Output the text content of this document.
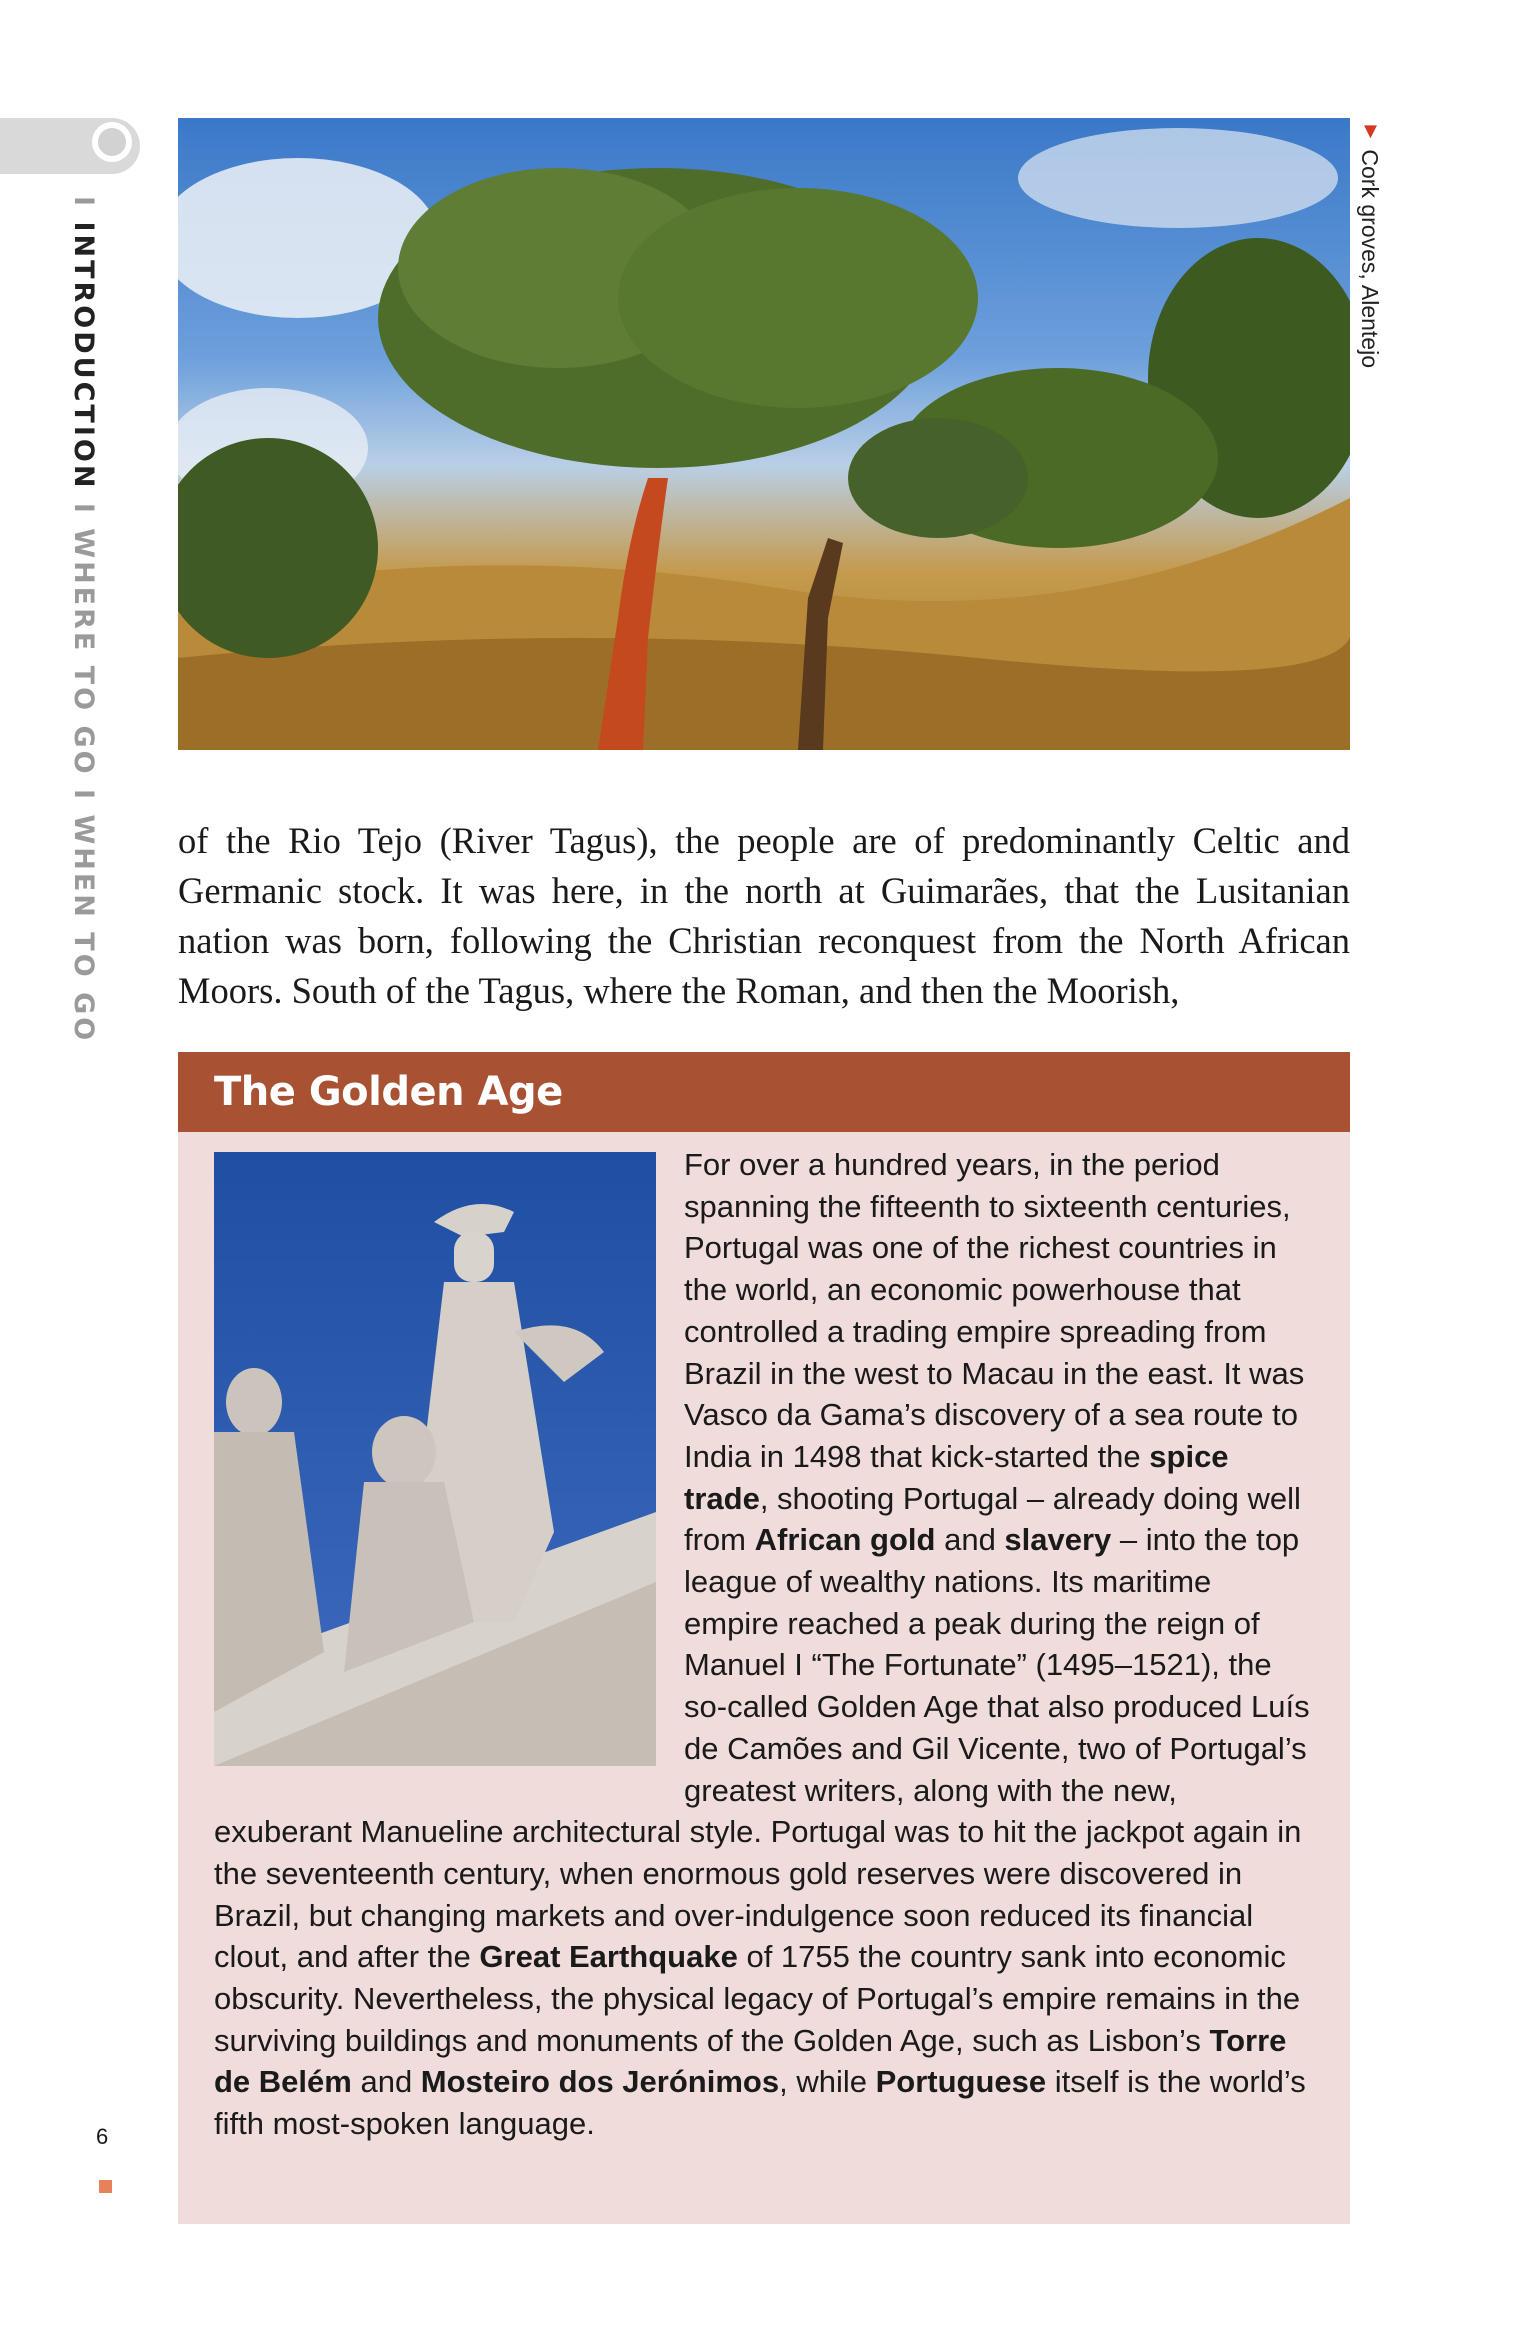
I INTRODUCTION I WHERE TO GO I WHEN TO GO
▼ Cork groves, Alentejo

of the Rio Tejo (River Tagus), the people are of predominantly Celtic and Germanic stock. It was here, in the north at Guimarães, that the Lusitanian nation was born, following the Christian reconquest from the North African Moors. South of the Tagus, where the Roman, and then the Moorish,

The Golden Age
For over a hundred years, in the period spanning the fifteenth to sixteenth centuries, Portugal was one of the richest countries in the world, an economic powerhouse that controlled a trading empire spreading from Brazil in the west to Macau in the east. It was Vasco da Gama’s discovery of a sea route to India in 1498 that kick-started the spice trade, shooting Portugal – already doing well from African gold and slavery – into the top league of wealthy nations. Its maritime empire reached a peak during the reign of Manuel I “The Fortunate” (1495–1521), the so-called Golden Age that also produced Luís de Camões and Gil Vicente, two of Portugal’s greatest writers, along with the new, exuberant Manueline architectural style. Portugal was to hit the jackpot again in the seventeenth century, when enormous gold reserves were discovered in Brazil, but changing markets and over-indulgence soon reduced its financial clout, and after the Great Earthquake of 1755 the country sank into economic obscurity. Nevertheless, the physical legacy of Portugal’s empire remains in the surviving buildings and monuments of the Golden Age, such as Lisbon’s Torre de Belém and Mosteiro dos Jerónimos, while Portuguese itself is the world’s fifth most-spoken language.
6
